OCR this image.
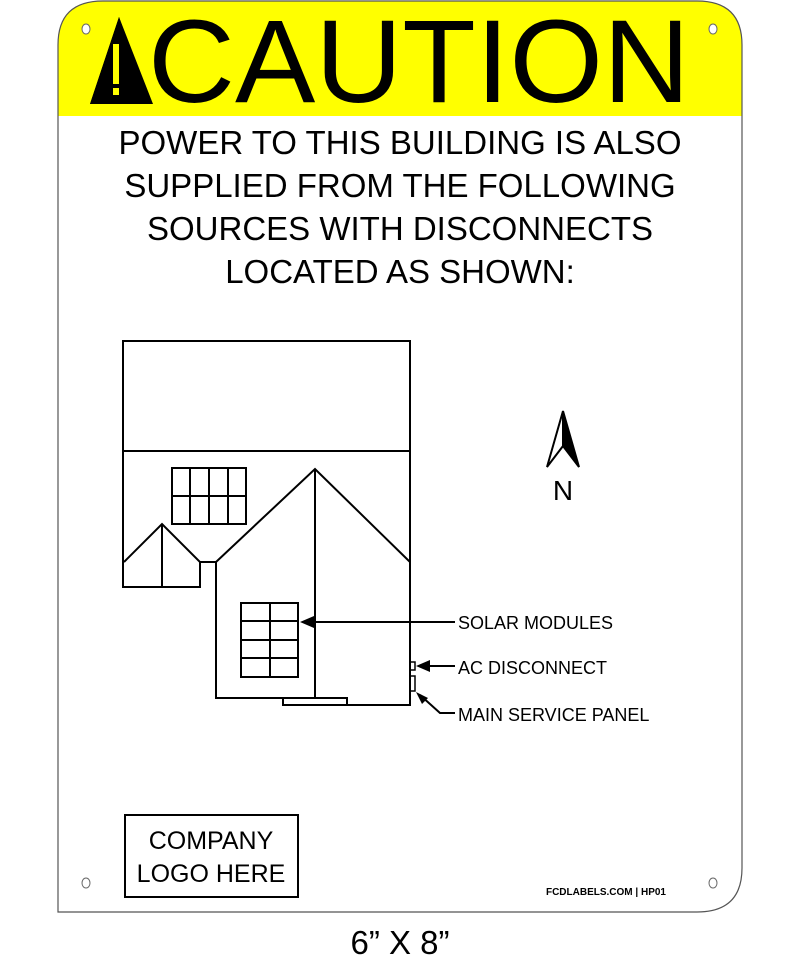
CAUTION
POWER TO THIS BUILDING IS ALSO
SUPPLIED FROM THE FOLLOWING
SOURCES WITH DISCONNECTS
LOCATED AS SHOWN:
SOLAR MODULES
AC DISCONNECT
MAIN SERVICE PANEL
N
COMPANY
LOGO HERE
FCDLABELS.COM | HP01
6” X 8”
